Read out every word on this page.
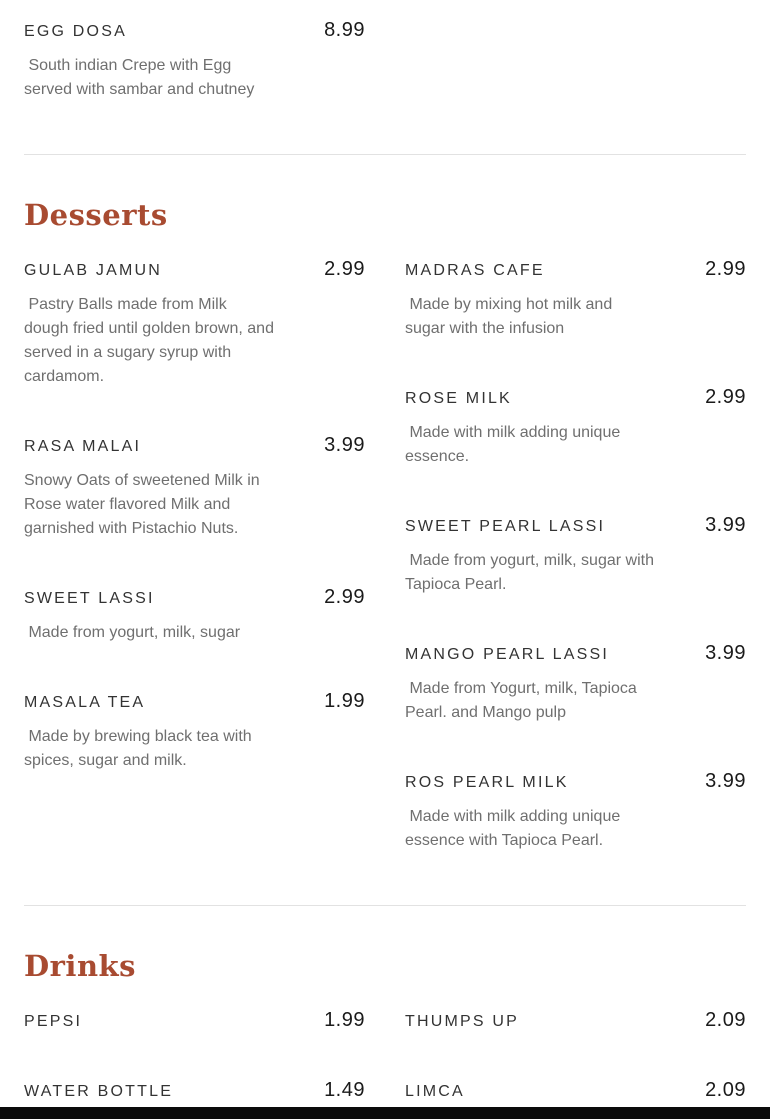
EGG DOSA	8.99
South indian Crepe with Egg served with sambar and chutney
Desserts
GULAB JAMUN	2.99
Pastry Balls made from Milk dough fried until golden brown, and served in a sugary syrup with cardamom.
RASA MALAI	3.99
Snowy Oats of sweetened Milk in Rose water flavored Milk and garnished with Pistachio Nuts.
SWEET LASSI	2.99
Made from yogurt, milk, sugar
MASALA TEA	1.99
Made by brewing black tea with spices, sugar and milk.
MADRAS CAFE	2.99
Made by mixing hot milk and sugar with the infusion
ROSE MILK	2.99
Made with milk adding unique essence.
SWEET PEARL LASSI	3.99
Made from yogurt, milk, sugar with Tapioca Pearl.
MANGO PEARL LASSI	3.99
Made from Yogurt, milk, Tapioca Pearl. and Mango pulp
ROS PEARL MILK	3.99
Made with milk adding unique essence with Tapioca Pearl.
Drinks
PEPSI	1.99
WATER BOTTLE	1.49
THUMPS UP	2.09
LIMCA	2.09
